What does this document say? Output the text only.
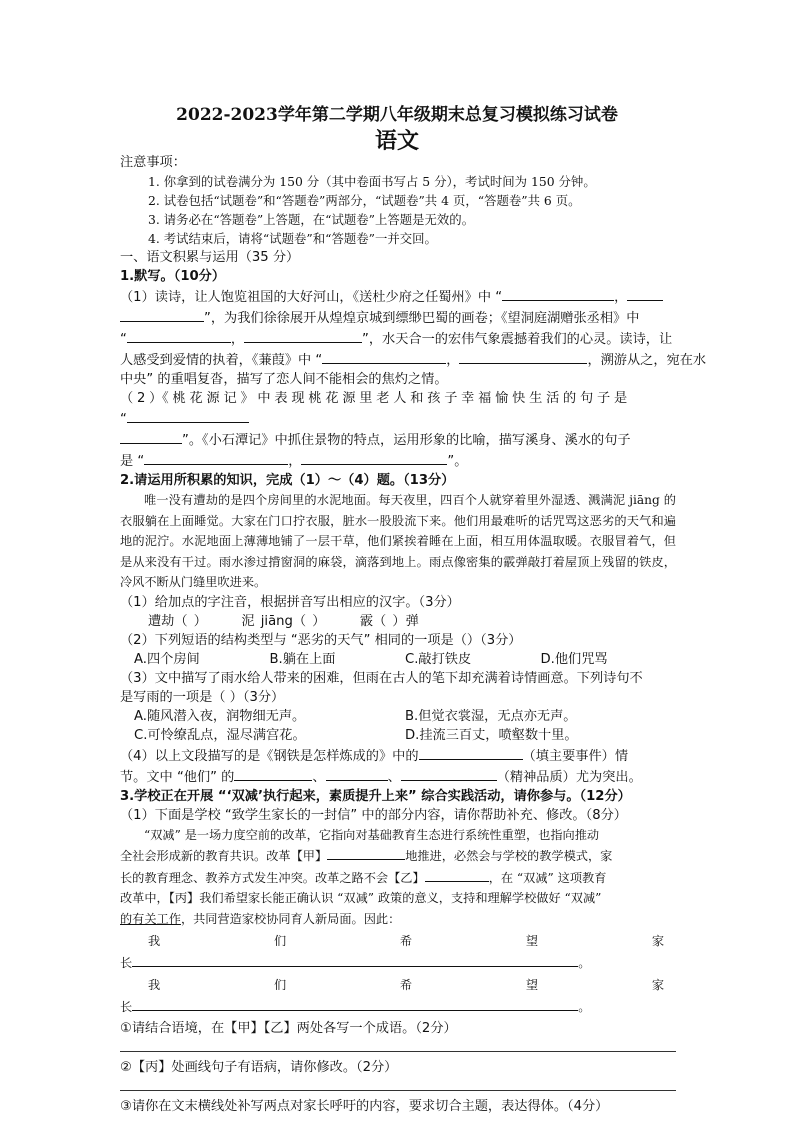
2022-2023学年第二学期八年级期末总复习模拟练习试卷
语文
注意事项：
1. 你拿到的试卷满分为 150 分（其中卷面书写占 5 分），考试时间为 150 分钟。
2. 试卷包括“试题卷”和“答题卷”两部分，“试题卷”共 4 页，“答题卷”共 6 页。
3. 请务必在“答题卷”上答题，在“试题卷”上答题是无效的。
4. 考试结束后，请将“试题卷”和“答题卷”一并交回。
一、语文积累与运用（35 分）
1.默写。（10分）
（1）读诗，让人饱览祖国的大好河山，《送杜少府之任蜀州》中 “	，
”，为我们徐徐展开从煌煌京城到缥缈巴蜀的画卷；《望洞庭湖赠张丞相》中
“	，	”，水天合一的宏伟气象震撼着我们的心灵。读诗，让
人感受到爱情的执着，《蒹葭》中 “	，	，溯游从之，宛在水
中央” 的重唱复沓，描写了恋人间不能相会的焦灼之情。
（ 2 ）《 桃 花 源 记 》 中 表 现 桃 花 源 里 老 人 和 孩 子 幸 福 愉 快 生 活 的 句 子 是
“
”。《小石潭记》中抓住景物的特点，运用形象的比喻，描写溪身、溪水的句子
是 “	，	”。
2.请运用所积累的知识，完成（1）～（4）题。（13分）
唯一没有遭劫的是四个房间里的水泥地面。每天夜里，四百个人就穿着里外湿透、溅满泥 jiāng 的衣服躺在上面睡觉。大家在门口拧衣服，脏水一股股流下来。他们用最难听的话咒骂这恶劣的天气和遍地的泥泞。水泥地面上薄薄地铺了一层干草，他们紧挨着睡在上面，相互用体温取暖。衣服冒着气，但是从来没有干过。雨水渗过揹窗洞的麻袋，滴落到地上。雨点像密集的霰弹敲打着屋顶上残留的铁皮，冷风不断从门缝里吹进来。
（1）给加点的字注音，根据拼音写出相应的汉字。（3分）
遭劫（ ）	泥 jiāng（ ）	霰（ ）弹
（2）下列短语的结构类型与 “恶劣的天气” 相同的一项是（）（3分）
A.四个房间	B.躺在上面	C.敲打铁皮	D.他们咒骂
（3）文中描写了雨水给人带来的困难，但雨在古人的笔下却充满着诗情画意。下列诗句不
是写雨的一项是（ ）（3分）
A.随风潜入夜，润物细无声。	B.但觉衣裳湿，无点亦无声。
C.可怜缭乱点，湿尽满宫花。	D.挂流三百丈，喷壑数十里。
（4）以上文段描写的是《钢铁是怎样炼成的》中的	（填主要事件）情
节。文中 “他们” 的	、	、	（精神品质）尤为突出。
3.学校正在开展 “‘双减’执行起来，素质提升上来” 综合实践活动，请你参与。（12分）
（1）下面是学校 “致学生家长的一封信” 中的部分内容，请你帮助补充、修改。（8分）
“双减” 是一场力度空前的改革，它指向对基础教育生态进行系统性重塑，也指向推动
全社会形成新的教育共识。改革【甲】	地推进，必然会与学校的教学模式，家
长的教育理念、教养方式发生冲突。改革之路不会【乙】	，在 “双减” 这项教育
改革中，【丙】我们希望家长能正确认识 “双减” 政策的意义，支持和理解学校做好 “双减”
的有关工作，共同营造家校协同育人新局面。因此：
我	们	希	望	家
长	。
我	们	希	望	家
长	。
①请结合语境，在【甲】【乙】两处各写一个成语。（2分）
②【丙】处画线句子有语病，请你修改。（2分）
③请你在文末横线处补写两点对家长呼吁的内容，要求切合主题，表达得体。（4分）
